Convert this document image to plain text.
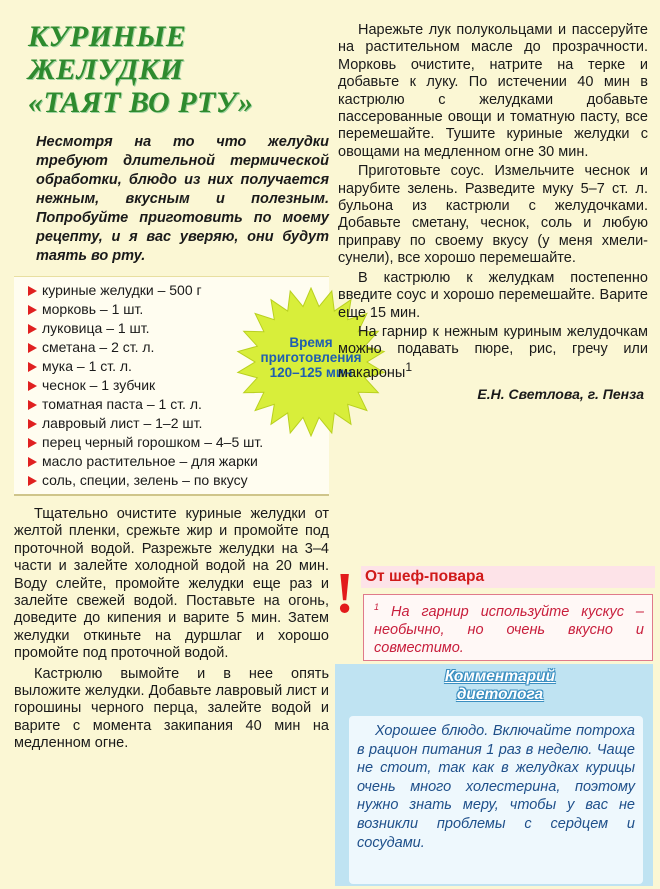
КУРИНЫЕ ЖЕЛУДКИ
«ТАЯТ ВО РТУ»

Несмотря на то что желудки требуют длительной термической обработки, блюдо из них получается нежным, вкусным и полезным. Попробуйте приготовить по моему рецепту, и я вас уверяю, они будут таять во рту.

куриные желудки – 500 г
морковь – 1 шт.
луковица – 1 шт.
сметана – 2 ст. л.
мука – 1 ст. л.
чеснок – 1 зубчик
томатная паста – 1 ст. л.
лавровый лист – 1–2 шт.
перец черный горошком – 4–5 шт.
масло растительное – для жарки
соль, специи, зелень – по вкусу
Время
приготовления
120–125 мин

Тщательно очистите куриные желудки от желтой пленки, срежьте жир и промойте под проточной водой. Разрежьте желудки на 3–4 части и залейте холодной водой на 20 мин. Воду слейте, промойте желудки еще раз и залейте свежей водой. Поставьте на огонь, доведите до кипения и варите 5 мин. Затем желудки откиньте на дуршлаг и хорошо промойте под проточной водой.

Кастрюлю вымойте и в нее опять выложите желудки. Добавьте лавровый лист и горошины черного перца, залейте водой и варите с момента закипания 40 мин на медленном огне.

Нарежьте лук полукольцами и пассеруйте на растительном масле до прозрачности. Морковь очистите, натрите на терке и добавьте к луку. По истечении 40 мин в кастрюлю с желудками добавьте пассерованные овощи и томатную пасту, все перемешайте. Тушите куриные желудки с овощами на медленном огне 30 мин.

Приготовьте соус. Измельчите чеснок и нарубите зелень. Разведите муку 5–7 ст. л. бульона из кастрюли с желудочками. Добавьте сметану, чеснок, соль и любую приправу по своему вкусу (у меня хмели-сунели), все хорошо перемешайте.

В кастрюлю к желудкам постепенно введите соус и хорошо перемешайте. Варите еще 15 мин.

На гарнир к нежным куриным желудочкам можно подавать пюре, рис, гречу или макароны$^1$

Е.Н. Светлова, г. Пенза
! От шеф-повара
$^1$ На гарнир используйте кускус – необычно, но очень вкусно и совместимо.
Комментарий
диетолога

Хорошее блюдо. Включайте потроха в рацион питания 1 раз в неделю. Чаще не стоит, так как в желудках курицы очень много холестерина, поэтому нужно знать меру, чтобы у вас не возникли проблемы с сердцем и сосудами.
